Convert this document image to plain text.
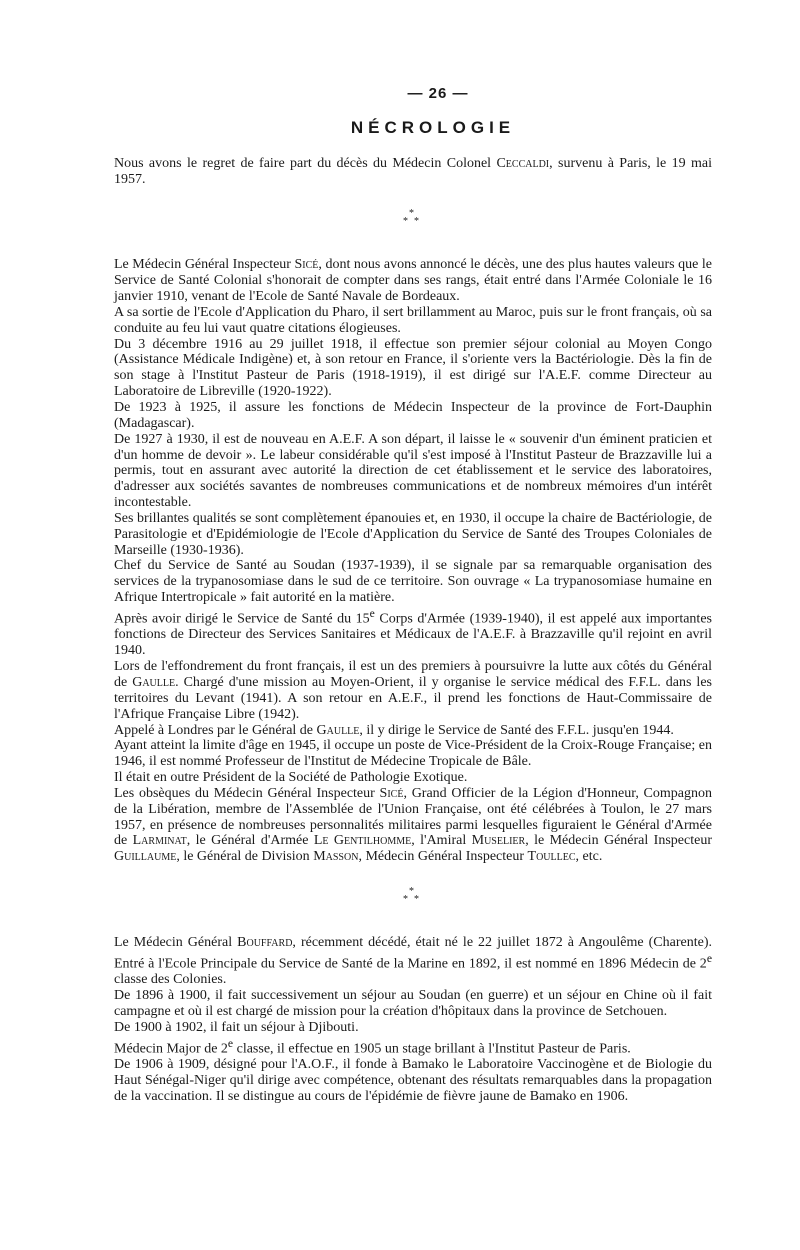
— 26 —
NÉCROLOGIE

Nous avons le regret de faire part du décès du Médecin Colonel Ceccaldi, survenu à Paris, le 19 mai 1957.

*
* *

Le Médecin Général Inspecteur Sicé, dont nous avons annoncé le décès, une des plus hautes valeurs que le Service de Santé Colonial s'honorait de compter dans ses rangs, était entré dans l'Armée Coloniale le 16 janvier 1910, venant de l'Ecole de Santé Navale de Bordeaux.

A sa sortie de l'Ecole d'Application du Pharo, il sert brillamment au Maroc, puis sur le front français, où sa conduite au feu lui vaut quatre citations élogieuses.

Du 3 décembre 1916 au 29 juillet 1918, il effectue son premier séjour colonial au Moyen Congo (Assistance Médicale Indigène) et, à son retour en France, il s'oriente vers la Bactériologie. Dès la fin de son stage à l'Institut Pasteur de Paris (1918-1919), il est dirigé sur l'A.E.F. comme Directeur au Laboratoire de Libreville (1920-1922).

De 1923 à 1925, il assure les fonctions de Médecin Inspecteur de la province de Fort-Dauphin (Madagascar).

De 1927 à 1930, il est de nouveau en A.E.F. A son départ, il laisse le « souvenir d'un éminent praticien et d'un homme de devoir ». Le labeur considérable qu'il s'est imposé à l'Institut Pasteur de Brazzaville lui a permis, tout en assurant avec autorité la direction de cet établissement et le service des laboratoires, d'adresser aux sociétés savantes de nombreuses communications et de nombreux mémoires d'un intérêt incontestable.

Ses brillantes qualités se sont complètement épanouies et, en 1930, il occupe la chaire de Bactériologie, de Parasitologie et d'Epidémiologie de l'Ecole d'Application du Service de Santé des Troupes Coloniales de Marseille (1930-1936).

Chef du Service de Santé au Soudan (1937-1939), il se signale par sa remarquable organisation des services de la trypanosomiase dans le sud de ce territoire. Son ouvrage « La trypanosomiase humaine en Afrique Intertropicale » fait autorité en la matière.

Après avoir dirigé le Service de Santé du 15e Corps d'Armée (1939-1940), il est appelé aux importantes fonctions de Directeur des Services Sanitaires et Médicaux de l'A.E.F. à Brazzaville qu'il rejoint en avril 1940.

Lors de l'effondrement du front français, il est un des premiers à poursuivre la lutte aux côtés du Général de Gaulle. Chargé d'une mission au Moyen-Orient, il y organise le service médical des F.F.L. dans les territoires du Levant (1941). A son retour en A.E.F., il prend les fonctions de Haut-Commissaire de l'Afrique Française Libre (1942).

Appelé à Londres par le Général de Gaulle, il y dirige le Service de Santé des F.F.L. jusqu'en 1944.

Ayant atteint la limite d'âge en 1945, il occupe un poste de Vice-Président de la Croix-Rouge Française; en 1946, il est nommé Professeur de l'Institut de Médecine Tropicale de Bâle.

Il était en outre Président de la Société de Pathologie Exotique.

Les obsèques du Médecin Général Inspecteur Sicé, Grand Officier de la Légion d'Honneur, Compagnon de la Libération, membre de l'Assemblée de l'Union Française, ont été célébrées à Toulon, le 27 mars 1957, en présence de nombreuses personnalités militaires parmi lesquelles figuraient le Général d'Armée de Larminat, le Général d'Armée Le Gentilhomme, l'Amiral Muselier, le Médecin Général Inspecteur Guillaume, le Général de Division Masson, Médecin Général Inspecteur Toullec, etc.

*
* *

Le Médecin Général Bouffard, récemment décédé, était né le 22 juillet 1872 à Angoulême (Charente). Entré à l'Ecole Principale du Service de Santé de la Marine en 1892, il est nommé en 1896 Médecin de 2e classe des Colonies.

De 1896 à 1900, il fait successivement un séjour au Soudan (en guerre) et un séjour en Chine où il fait campagne et où il est chargé de mission pour la création d'hôpitaux dans la province de Setchouen.

De 1900 à 1902, il fait un séjour à Djibouti.

Médecin Major de 2e classe, il effectue en 1905 un stage brillant à l'Institut Pasteur de Paris.

De 1906 à 1909, désigné pour l'A.O.F., il fonde à Bamako le Laboratoire Vaccinogène et de Biologie du Haut Sénégal-Niger qu'il dirige avec compétence, obtenant des résultats remarquables dans la propagation de la vaccination. Il se distingue au cours de l'épidémie de fièvre jaune de Bamako en 1906.
